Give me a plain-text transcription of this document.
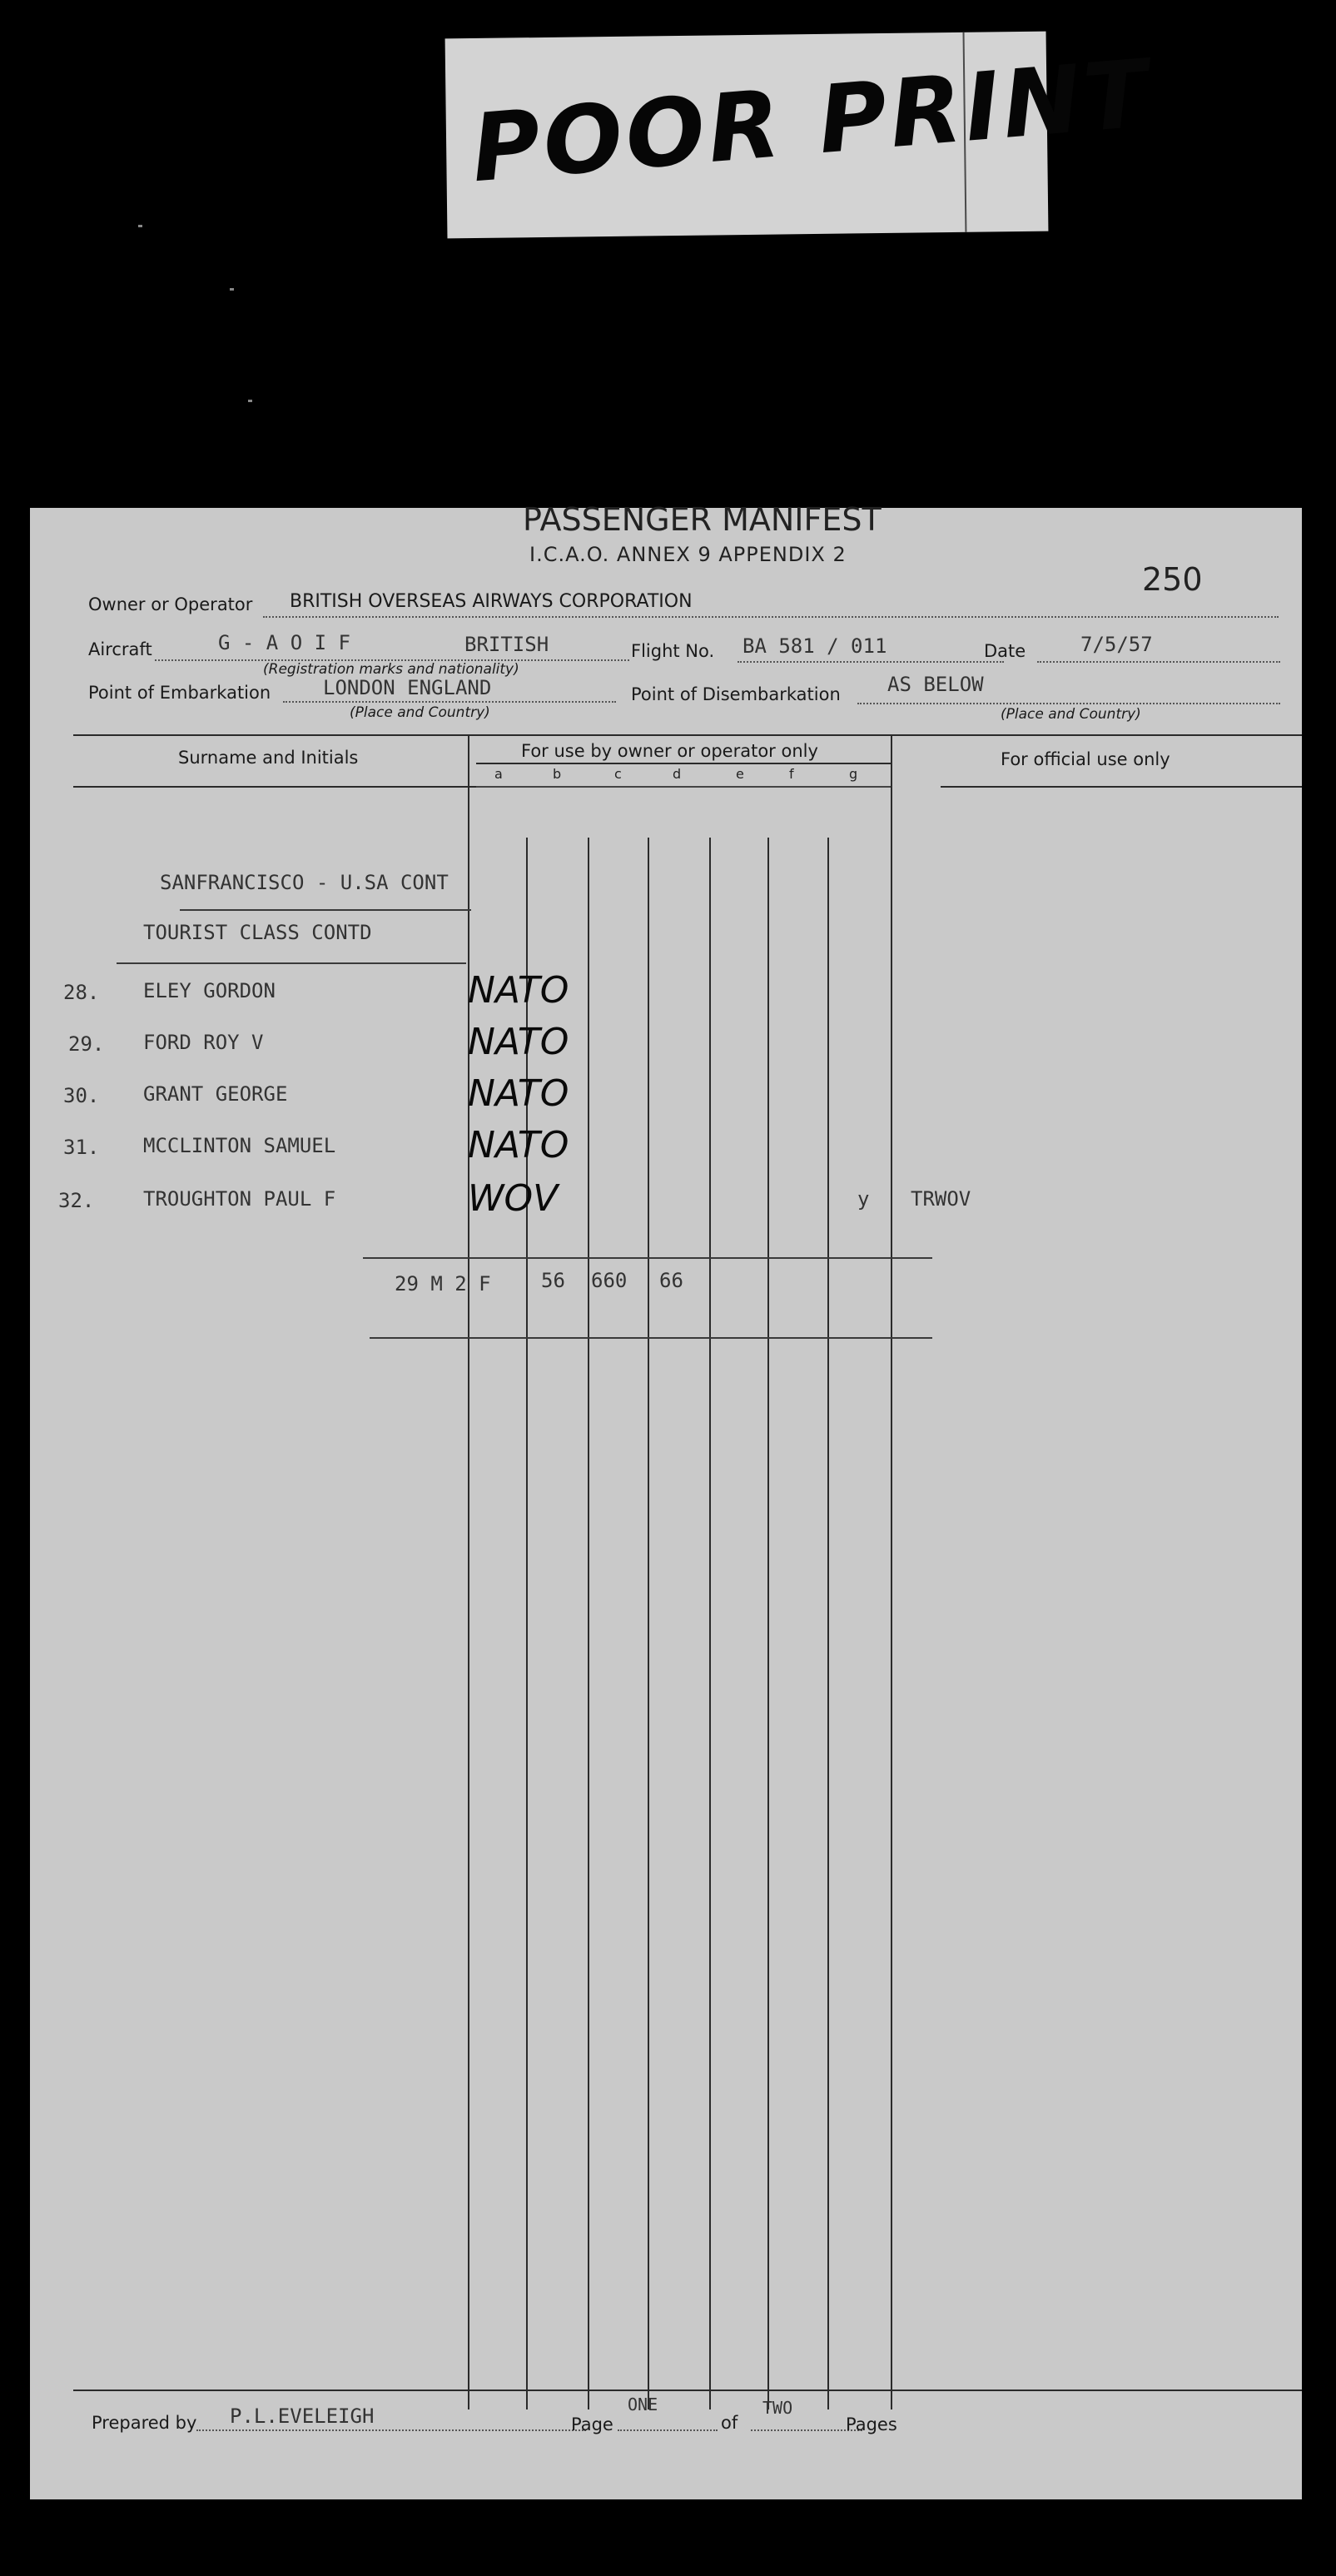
POOR PRINT
PASSENGER MANIFEST
I.C.A.O. ANNEX 9 APPENDIX 2
250
Owner or Operator BRITISH OVERSEAS AIRWAYS CORPORATION
Aircraft	G - A O I F	BRITISH
(Registration marks and nationality)
Flight No. BA 581 / 011	Date	7/5/57
Point of Embarkation	LONDON ENGLAND
(Place and Country)
Point of Disembarkation AS BELOW
(Place and Country)
Surname and Initials	For use by owner or operator only	For official use only
a	b	c	d	e	f	g
SANFRANCISCO - U.SA CONT
TOURIST CLASS CONTD
28. ELEY GORDON	NATO
29. FORD ROY V	NATO
30. GRANT GEORGE	NATO
31. MCCLINTON SAMUEL	NATO
32. TROUGHTON PAUL F	WOV	y TRWOV
29 M 2 F	56 660 66
Prepared by P.L.EVELEIGH	Page
ONE
of
TWO
Pages
